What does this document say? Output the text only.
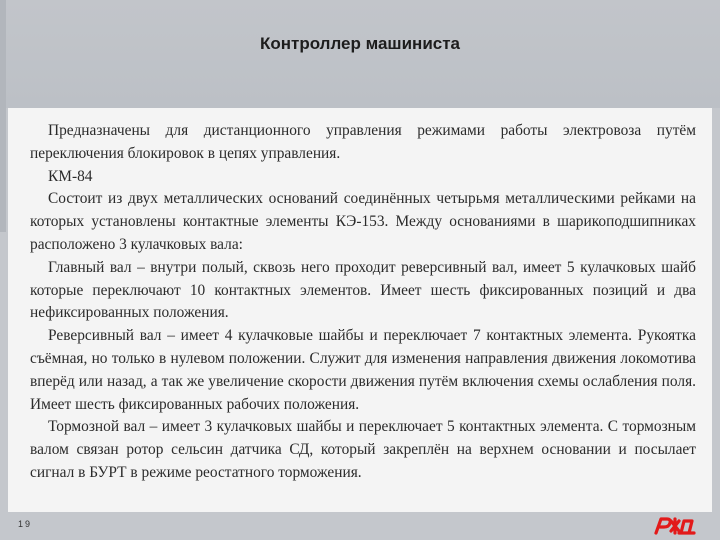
Контроллер машиниста

Предназначены для дистанционного управления режимами работы электровоза путём переключения блокировок в цепях управления.

КМ-84

Состоит из двух металлических оснований соединённых четырьмя металлическими рейками на которых установлены контактные элементы КЭ-153. Между основаниями в шарикоподшипниках расположено 3 кулачковых вала:

Главный вал – внутри полый, сквозь него проходит реверсивный вал, имеет 5 кулачковых шайб которые переключают 10 контактных элементов. Имеет шесть фиксированных позиций и два нефиксированных положения.

Реверсивный вал – имеет 4 кулачковые шайбы и переключает 7 контактных элемента. Рукоятка съёмная, но только в нулевом положении. Служит для изменения направления движения локомотива вперёд или назад, а так же увеличение скорости движения путём включения схемы ослабления поля. Имеет шесть фиксированных рабочих положения.

Тормозной вал – имеет 3 кулачковых шайбы и переключает 5 контактных элемента. С тормозным валом связан ротор сельсин датчика СД, который закреплён на верхнем основании и посылает сигнал в БУРТ в режиме реостатного торможения.

19
